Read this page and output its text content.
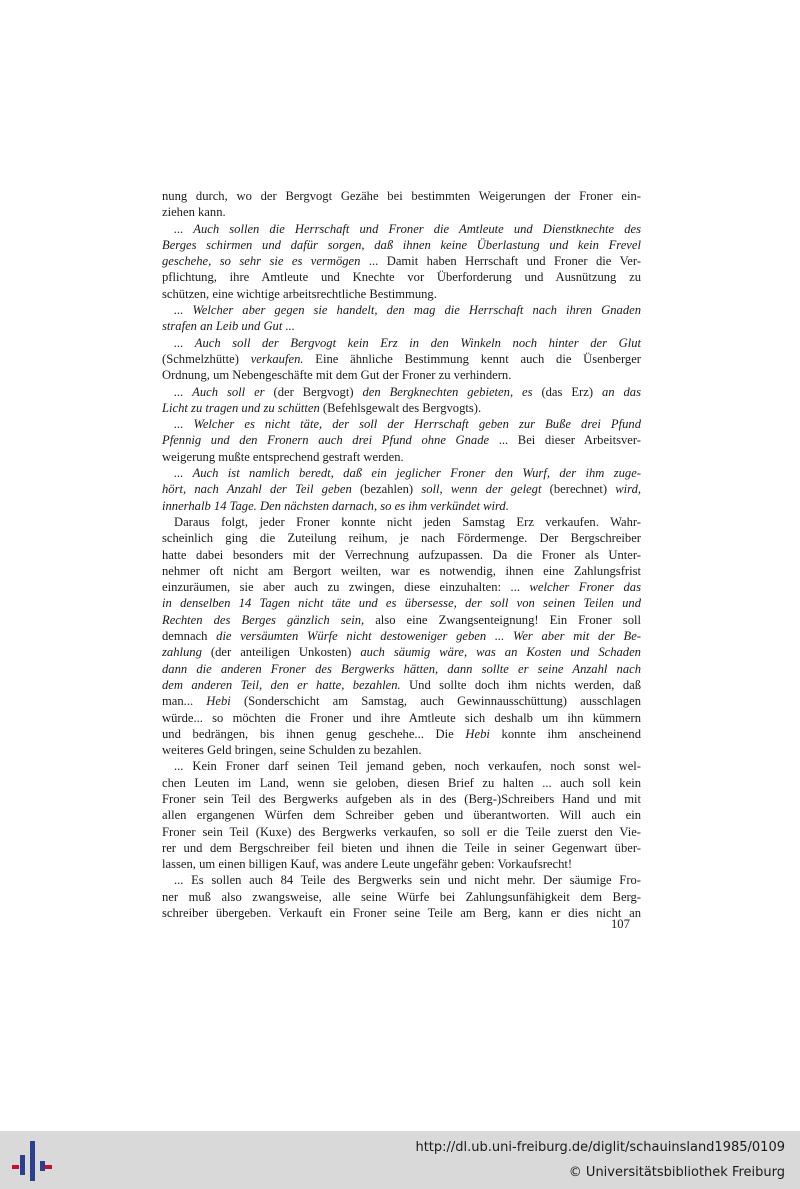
nung durch, wo der Bergvogt Gezähe bei bestimmten Weigerungen der Froner ein-
ziehen kann.
... Auch sollen die Herrschaft und Froner die Amtleute und Dienstknechte des
Berges schirmen und dafür sorgen, daß ihnen keine Überlastung und kein Frevel
geschehe, so sehr sie es vermögen ... Damit haben Herrschaft und Froner die Ver-
pflichtung, ihre Amtleute und Knechte vor Überforderung und Ausnützung zu
schützen, eine wichtige arbeitsrechtliche Bestimmung.
... Welcher aber gegen sie handelt, den mag die Herrschaft nach ihren Gnaden
strafen an Leib und Gut ...
... Auch soll der Bergvogt kein Erz in den Winkeln noch hinter der Glut
(Schmelzhütte) verkaufen. Eine ähnliche Bestimmung kennt auch die Üsenberger
Ordnung, um Nebengeschäfte mit dem Gut der Froner zu verhindern.
... Auch soll er (der Bergvogt) den Bergknechten gebieten, es (das Erz) an das
Licht zu tragen und zu schütten (Befehlsgewalt des Bergvogts).
... Welcher es nicht täte, der soll der Herrschaft geben zur Buße drei Pfund
Pfennig und den Fronern auch drei Pfund ohne Gnade ... Bei dieser Arbeitsver-
weigerung mußte entsprechend gestraft werden.
... Auch ist namlich beredt, daß ein jeglicher Froner den Wurf, der ihm zuge-
hört, nach Anzahl der Teil geben (bezahlen) soll, wenn der gelegt (berechnet) wird,
innerhalb 14 Tage. Den nächsten darnach, so es ihm verkündet wird.
Daraus folgt, jeder Froner konnte nicht jeden Samstag Erz verkaufen. Wahr-
scheinlich ging die Zuteilung reihum, je nach Fördermenge. Der Bergschreiber
hatte dabei besonders mit der Verrechnung aufzupassen. Da die Froner als Unter-
nehmer oft nicht am Bergort weilten, war es notwendig, ihnen eine Zahlungsfrist
einzuräumen, sie aber auch zu zwingen, diese einzuhalten: ... welcher Froner das
in denselben 14 Tagen nicht täte und es übersesse, der soll von seinen Teilen und
Rechten des Berges gänzlich sein, also eine Zwangsenteignung! Ein Froner soll
demnach die versäumten Würfe nicht destoweniger geben ... Wer aber mit der Be-
zahlung (der anteiligen Unkosten) auch säumig wäre, was an Kosten und Schaden
dann die anderen Froner des Bergwerks hätten, dann sollte er seine Anzahl nach
dem anderen Teil, den er hatte, bezahlen. Und sollte doch ihm nichts werden, daß
man... Hebi (Sonderschicht am Samstag, auch Gewinnausschüttung) ausschlagen
würde... so möchten die Froner und ihre Amtleute sich deshalb um ihn kümmern
und bedrängen, bis ihnen genug geschehe... Die Hebi konnte ihm anscheinend
weiteres Geld bringen, seine Schulden zu bezahlen.
... Kein Froner darf seinen Teil jemand geben, noch verkaufen, noch sonst wel-
chen Leuten im Land, wenn sie geloben, diesen Brief zu halten ... auch soll kein
Froner sein Teil des Bergwerks aufgeben als in des (Berg-)Schreibers Hand und mit
allen ergangenen Würfen dem Schreiber geben und überantworten. Will auch ein
Froner sein Teil (Kuxe) des Bergwerks verkaufen, so soll er die Teile zuerst den Vie-
rer und dem Bergschreiber feil bieten und ihnen die Teile in seiner Gegenwart über-
lassen, um einen billigen Kauf, was andere Leute ungefähr geben: Vorkaufsrecht!
... Es sollen auch 84 Teile des Bergwerks sein und nicht mehr. Der säumige Fro-
ner muß also zwangsweise, alle seine Würfe bei Zahlungsunfähigkeit dem Berg-
schreiber übergeben. Verkauft ein Froner seine Teile am Berg, kann er dies nicht an
107
http://dl.ub.uni-freiburg.de/diglit/schauinsland1985/0109
© Universitätsbibliothek Freiburg
